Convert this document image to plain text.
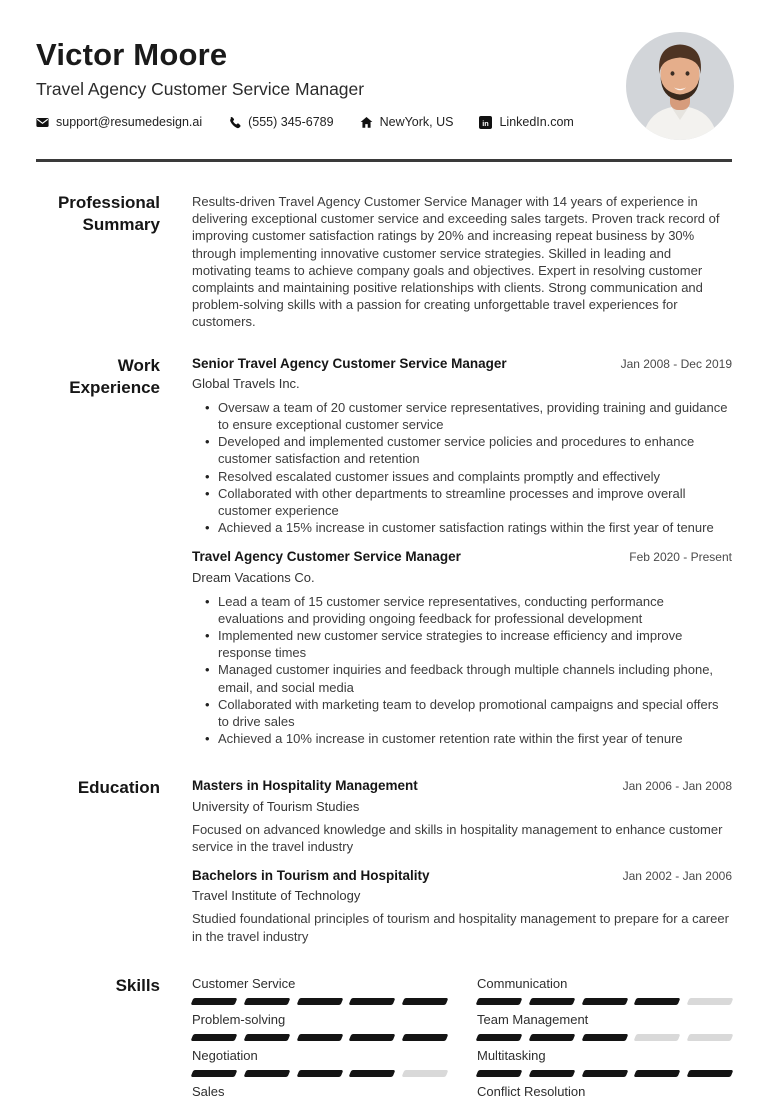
Victor Moore
Travel Agency Customer Service Manager
support@resumedesign.ai	(555) 345-6789	NewYork, US	in LinkedIn.com
Professional Summary

Results-driven Travel Agency Customer Service Manager with 14 years of experience in delivering exceptional customer service and exceeding sales targets. Proven track record of improving customer satisfaction ratings by 20% and increasing repeat business by 30% through implementing innovative customer service strategies. Skilled in leading and motivating teams to achieve company goals and objectives. Expert in resolving customer complaints and maintaining positive relationships with clients. Strong communication and problem-solving skills with a passion for creating unforgettable travel experiences for customers.

Work Experience
Senior Travel Agency Customer Service Manager	Jan 2008 - Dec 2019
Global Travels Inc.
• Oversaw a team of 20 customer service representatives, providing training and guidance to ensure exceptional customer service
• Developed and implemented customer service policies and procedures to enhance customer satisfaction and retention
• Resolved escalated customer issues and complaints promptly and effectively
• Collaborated with other departments to streamline processes and improve overall customer experience
• Achieved a 15% increase in customer satisfaction ratings within the first year of tenure
Travel Agency Customer Service Manager	Feb 2020 - Present
Dream Vacations Co.
• Lead a team of 15 customer service representatives, conducting performance evaluations and providing ongoing feedback for professional development
• Implemented new customer service strategies to increase efficiency and improve response times
• Managed customer inquiries and feedback through multiple channels including phone, email, and social media
• Collaborated with marketing team to develop promotional campaigns and special offers to drive sales
• Achieved a 10% increase in customer retention rate within the first year of tenure
Education Masters in Hospitality Management	Jan 2006 - Jan 2008
University of Tourism Studies

Focused on advanced knowledge and skills in hospitality management to enhance customer service in the travel industry

Bachelors in Tourism and Hospitality	Jan 2002 - Jan 2006
Travel Institute of Technology

Studied foundational principles of tourism and hospitality management to prepare for a career in the travel industry

Skills Customer Service	Communication
Problem-solving	Team Management
Negotiation	Multitasking
Sales	Conflict Resolution
